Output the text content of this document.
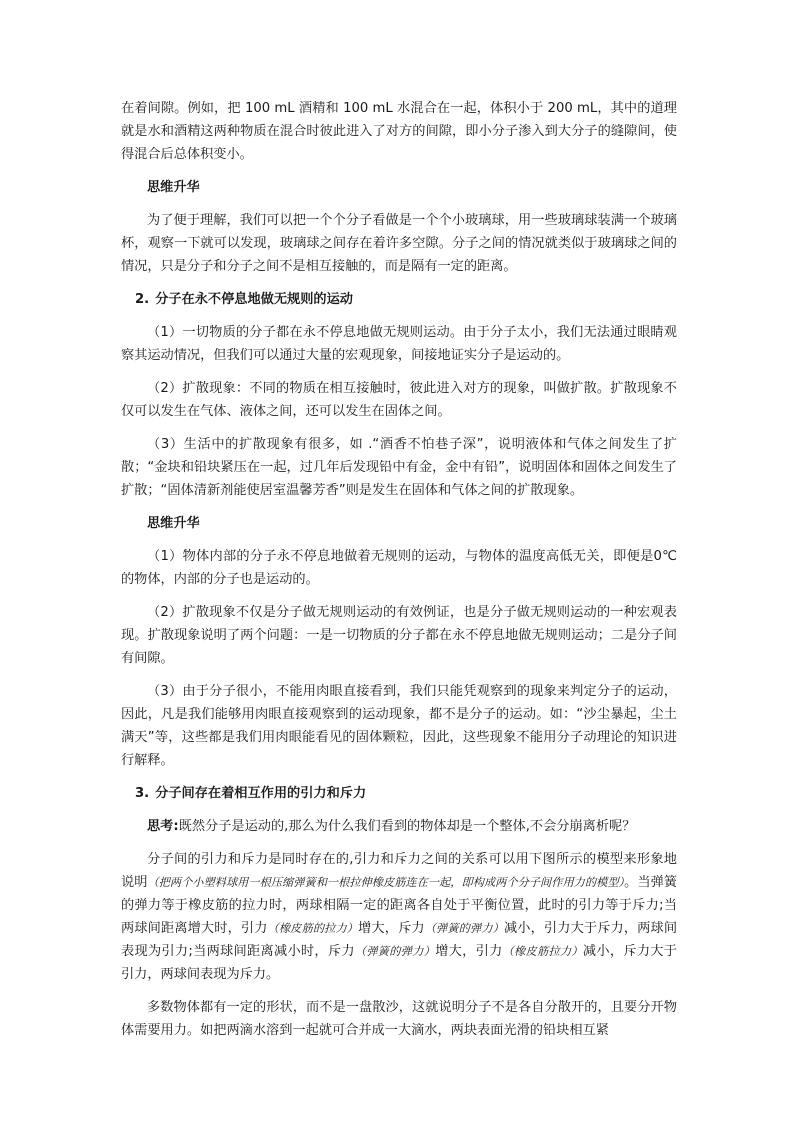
在着间隙。例如，把 100 mL 酒精和 100 mL 水混合在一起，体积小于 200 mL，其中的道理就是水和酒精这两种物质在混合时彼此进入了对方的间隙，即小分子渗入到大分子的缝隙间，使得混合后总体积变小。

思维升华

为了便于理解，我们可以把一个个分子看做是一个个小玻璃球，用一些玻璃球装满一个玻璃杯，观察一下就可以发现，玻璃球之间存在着许多空隙。分子之间的情况就类似于玻璃球之间的情况，只是分子和分子之间不是相互接触的，而是隔有一定的距离。

2. 分子在永不停息地做无规则的运动

（1）一切物质的分子都在永不停息地做无规则运动。由于分子太小，我们无法通过眼睛观察其运动情况，但我们可以通过大量的宏观现象，间接地证实分子是运动的。

（2）扩散现象：不同的物质在相互接触时，彼此进入对方的现象，叫做扩散。扩散现象不仅可以发生在气体、液体之间，还可以发生在固体之间。

（3）生活中的扩散现象有很多，如 .“酒香不怕巷子深”，说明液体和气体之间发生了扩散；“金块和铅块紧压在一起，过几年后发现铅中有金，金中有铅”，说明固体和固体之间发生了扩散；“固体清新剂能使居室温馨芳香”则是发生在固体和气体之间的扩散现象。

思维升华

（1）物体内部的分子永不停息地做着无规则的运动，与物体的温度高低无关，即便是0℃的物体，内部的分子也是运动的。

（2）扩散现象不仅是分子做无规则运动的有效例证，也是分子做无规则运动的一种宏观表现。扩散现象说明了两个问题：一是一切物质的分子都在永不停息地做无规则运动；二是分子间有间隙。

（3）由于分子很小，不能用肉眼直接看到，我们只能凭观察到的现象来判定分子的运动，因此，凡是我们能够用肉眼直接观察到的运动现象，都不是分子的运动。如：“沙尘暴起，尘土满天”等，这些都是我们用肉眼能看见的固体颗粒，因此，这些现象不能用分子动理论的知识进行解释。

3. 分子间存在着相互作用的引力和斥力

思考:既然分子是运动的,那么为什么我们看到的物体却是一个整体,不会分崩离析呢？

分子间的引力和斥力是同时存在的,引力和斥力之间的关系可以用下图所示的模型来形象地说明（把两个小塑料球用一根压缩弹簧和一根拉伸橡皮筋连在一起，即构成两个分子间作用力的模型）。当弹簧的弹力等于橡皮筋的拉力时，两球相隔一定的距离各自处于平衡位置，此时的引力等于斥力;当两球间距离增大时，引力（橡皮筋的拉力）增大，斥力（弹簧的弹力）减小，引力大于斥力，两球间表现为引力;当两球间距离减小时，斥力（弹簧的弹力）增大，引力（橡皮筋拉力）减小，斥力大于引力，两球间表现为斥力。

多数物体都有一定的形状，而不是一盘散沙，这就说明分子不是各自分散开的，且要分开物体需要用力。如把两滴水溶到一起就可合并成一大滴水，两块表面光滑的铅块相互紧
